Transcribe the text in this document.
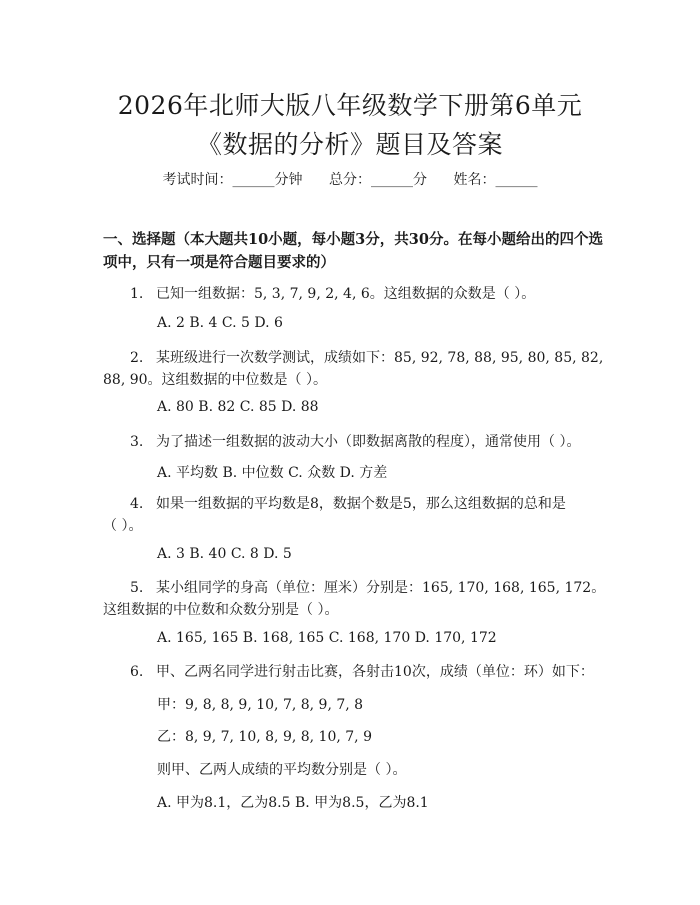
2026年北师大版八年级数学下册第6单元
《数据的分析》题目及答案
考试时间：______分钟 总分：______分 姓名：______
一、选择题（本大题共10小题，每小题3分，共30分。在每小题给出的四个选项中，只有一项是符合题目要求的）
1. 已知一组数据：5, 3, 7, 9, 2, 4, 6。这组数据的众数是（ ）。
A. 2 B. 4 C. 5 D. 6
2. 某班级进行一次数学测试，成绩如下：85, 92, 78, 88, 95, 80, 85, 82,
88, 90。这组数据的中位数是（ ）。
A. 80 B. 82 C. 85 D. 88
3. 为了描述一组数据的波动大小（即数据离散的程度），通常使用（ ）。
A. 平均数 B. 中位数 C. 众数 D. 方差
4. 如果一组数据的平均数是8，数据个数是5，那么这组数据的总和是
（ ）。
A. 3 B. 40 C. 8 D. 5
5. 某小组同学的身高（单位：厘米）分别是：165, 170, 168, 165, 172。
这组数据的中位数和众数分别是（ ）。
A. 165, 165 B. 168, 165 C. 168, 170 D. 170, 172
6. 甲、乙两名同学进行射击比赛，各射击10次，成绩（单位：环）如下：
甲：9, 8, 8, 9, 10, 7, 8, 9, 7, 8
乙：8, 9, 7, 10, 8, 9, 8, 10, 7, 9
则甲、乙两人成绩的平均数分别是（ ）。
A. 甲为8.1，乙为8.5 B. 甲为8.5，乙为8.1
